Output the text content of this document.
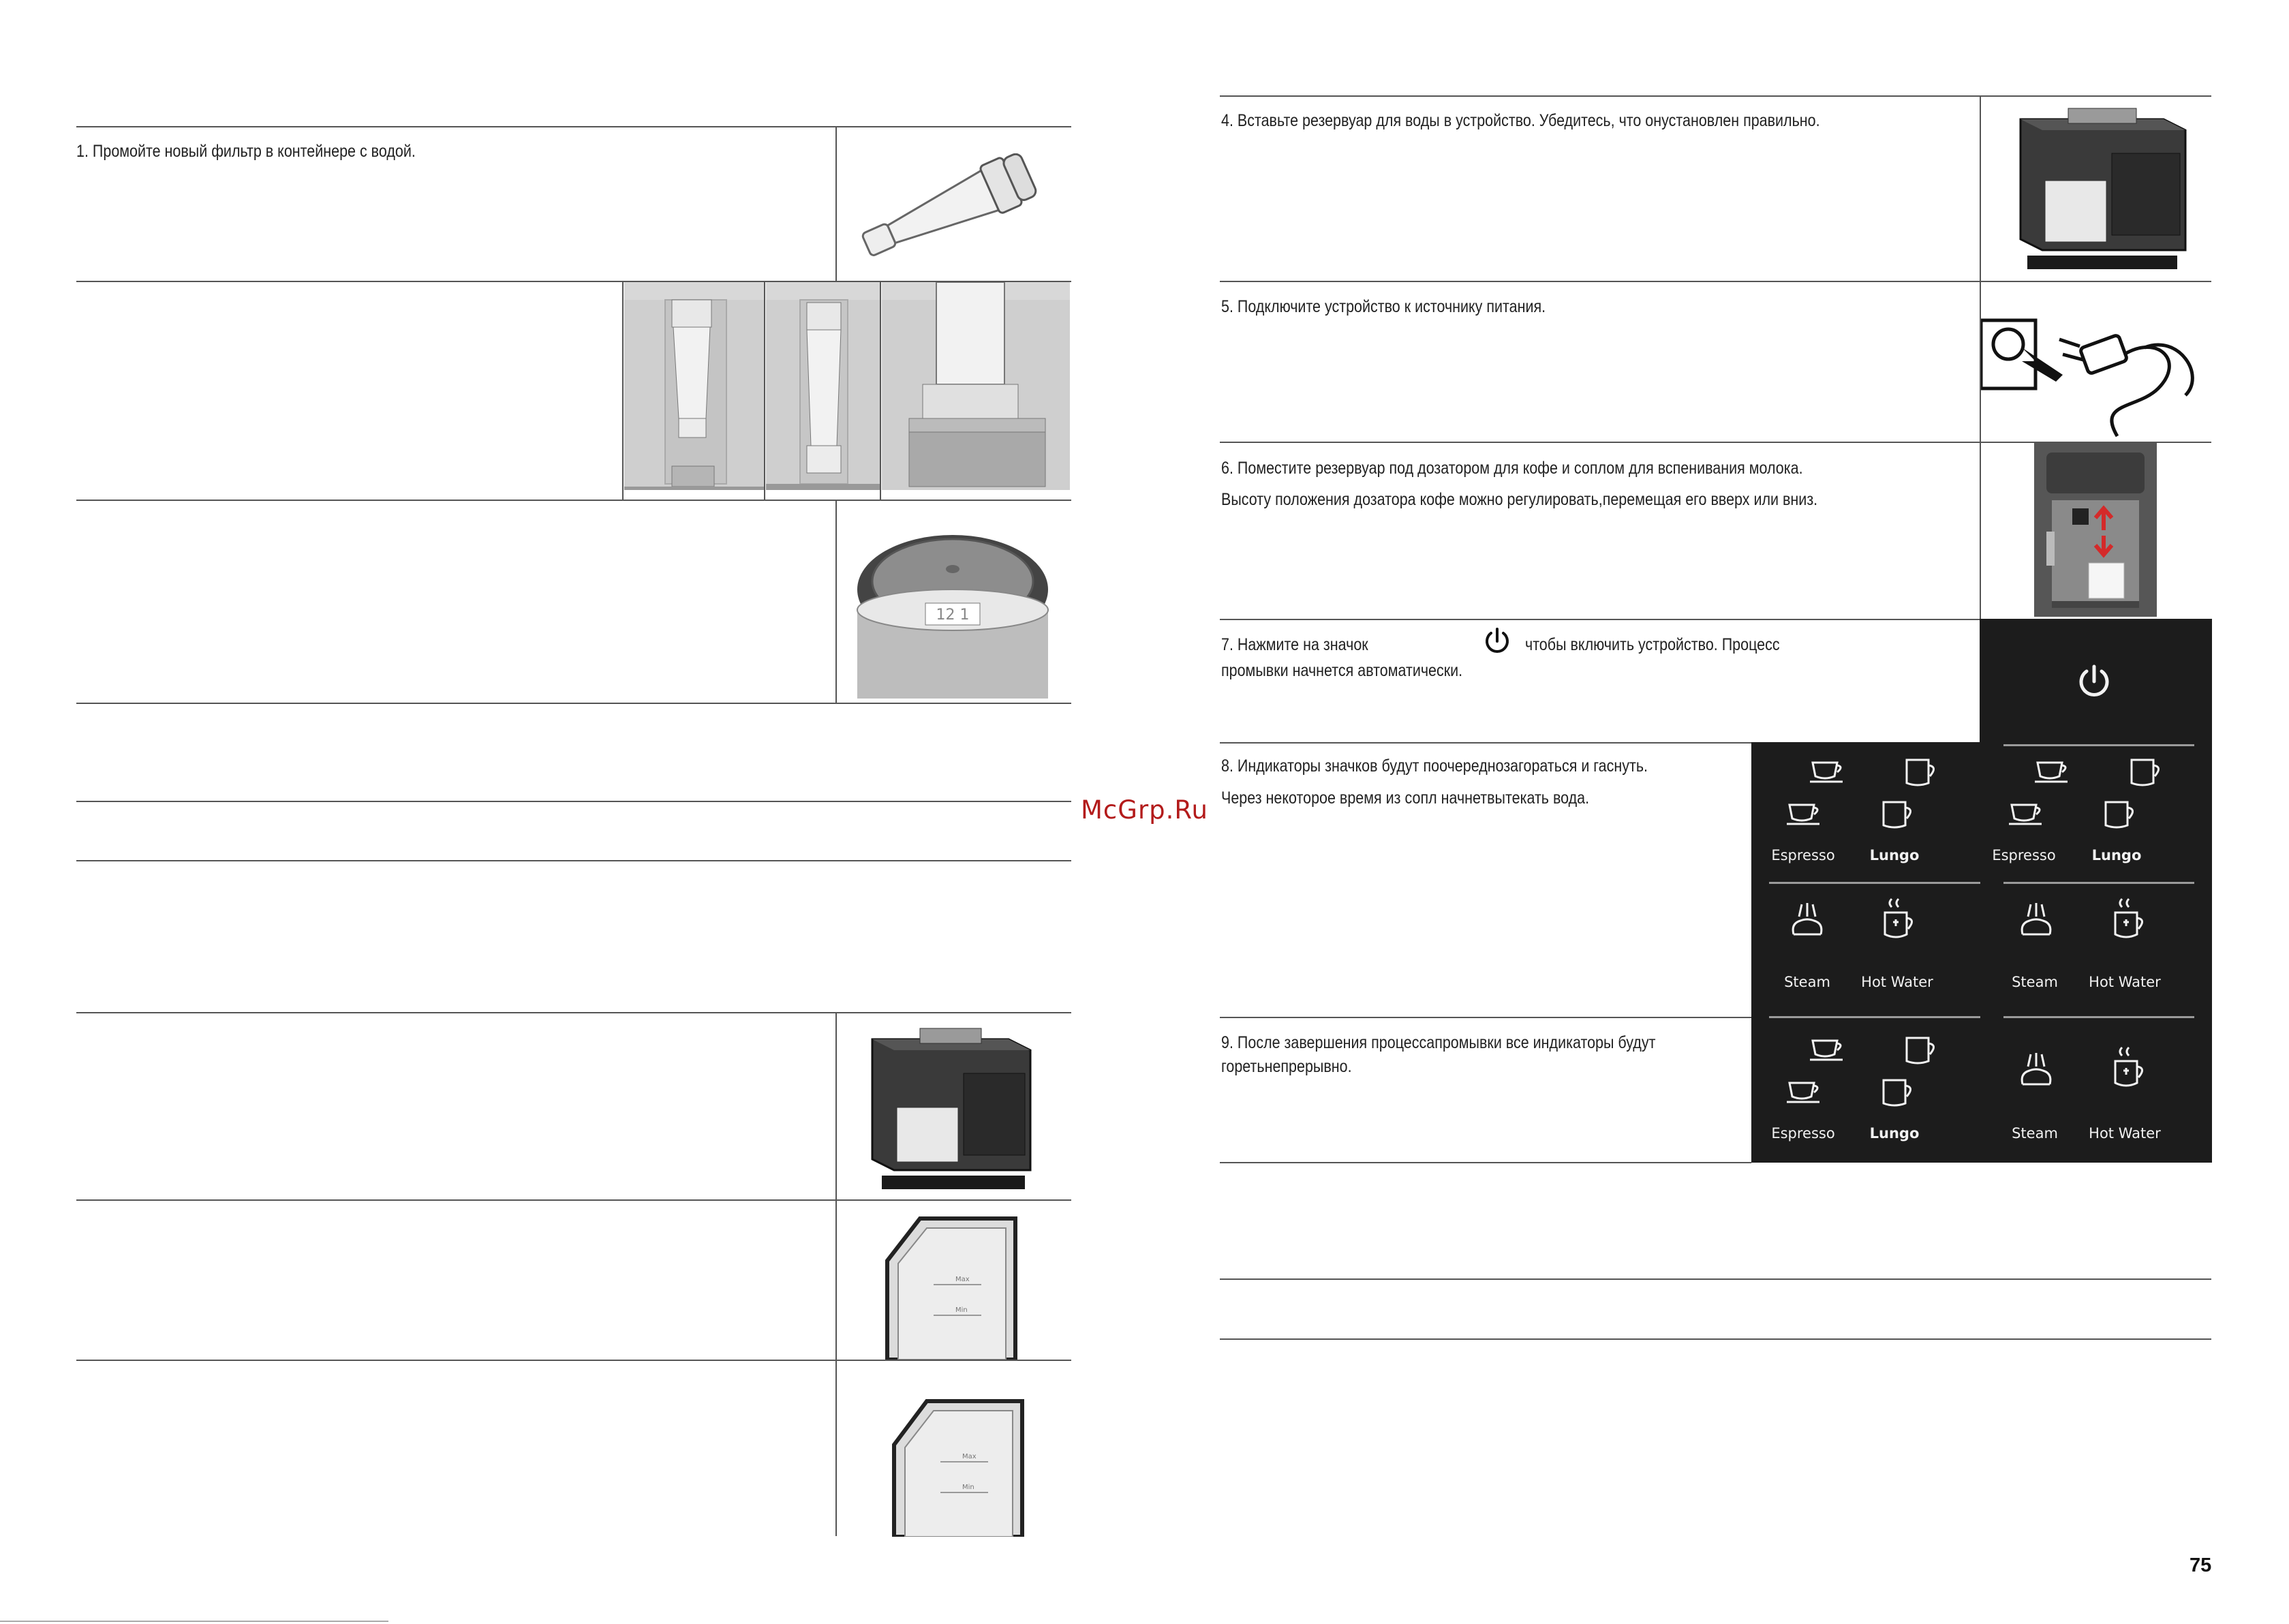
1. Промойте новый фильтр в контейнере с водой.
12 1
Max
Min
Max
Min
McGrp.Ru
4. Вставьте резервуар для воды в устройство. Убедитесь, что онустановлен правильно.
5. Подключите устройство к источнику питания.
6. Поместите резервуар под дозатором для кофе и соплом для вспенивания молока.
Высоту положения дозатора кофе можно регулировать,перемещая его вверх или вниз.
7. Нажмите на значок	чтобы включить устройство. Процесс
промывки начнется автоматически.
8. Индикаторы значков будут поочереднозагораться и гаснуть.
Через некоторое время из сопл начнетвытекать вода.
9. После завершения процессапромывки все индикаторы будут
горетьнепрерывно.
Espresso	Lungo
Steam	Hot Water
Espresso	Lungo
Steam	Hot Water
Espresso	Lungo	Steam	Hot Water
75
